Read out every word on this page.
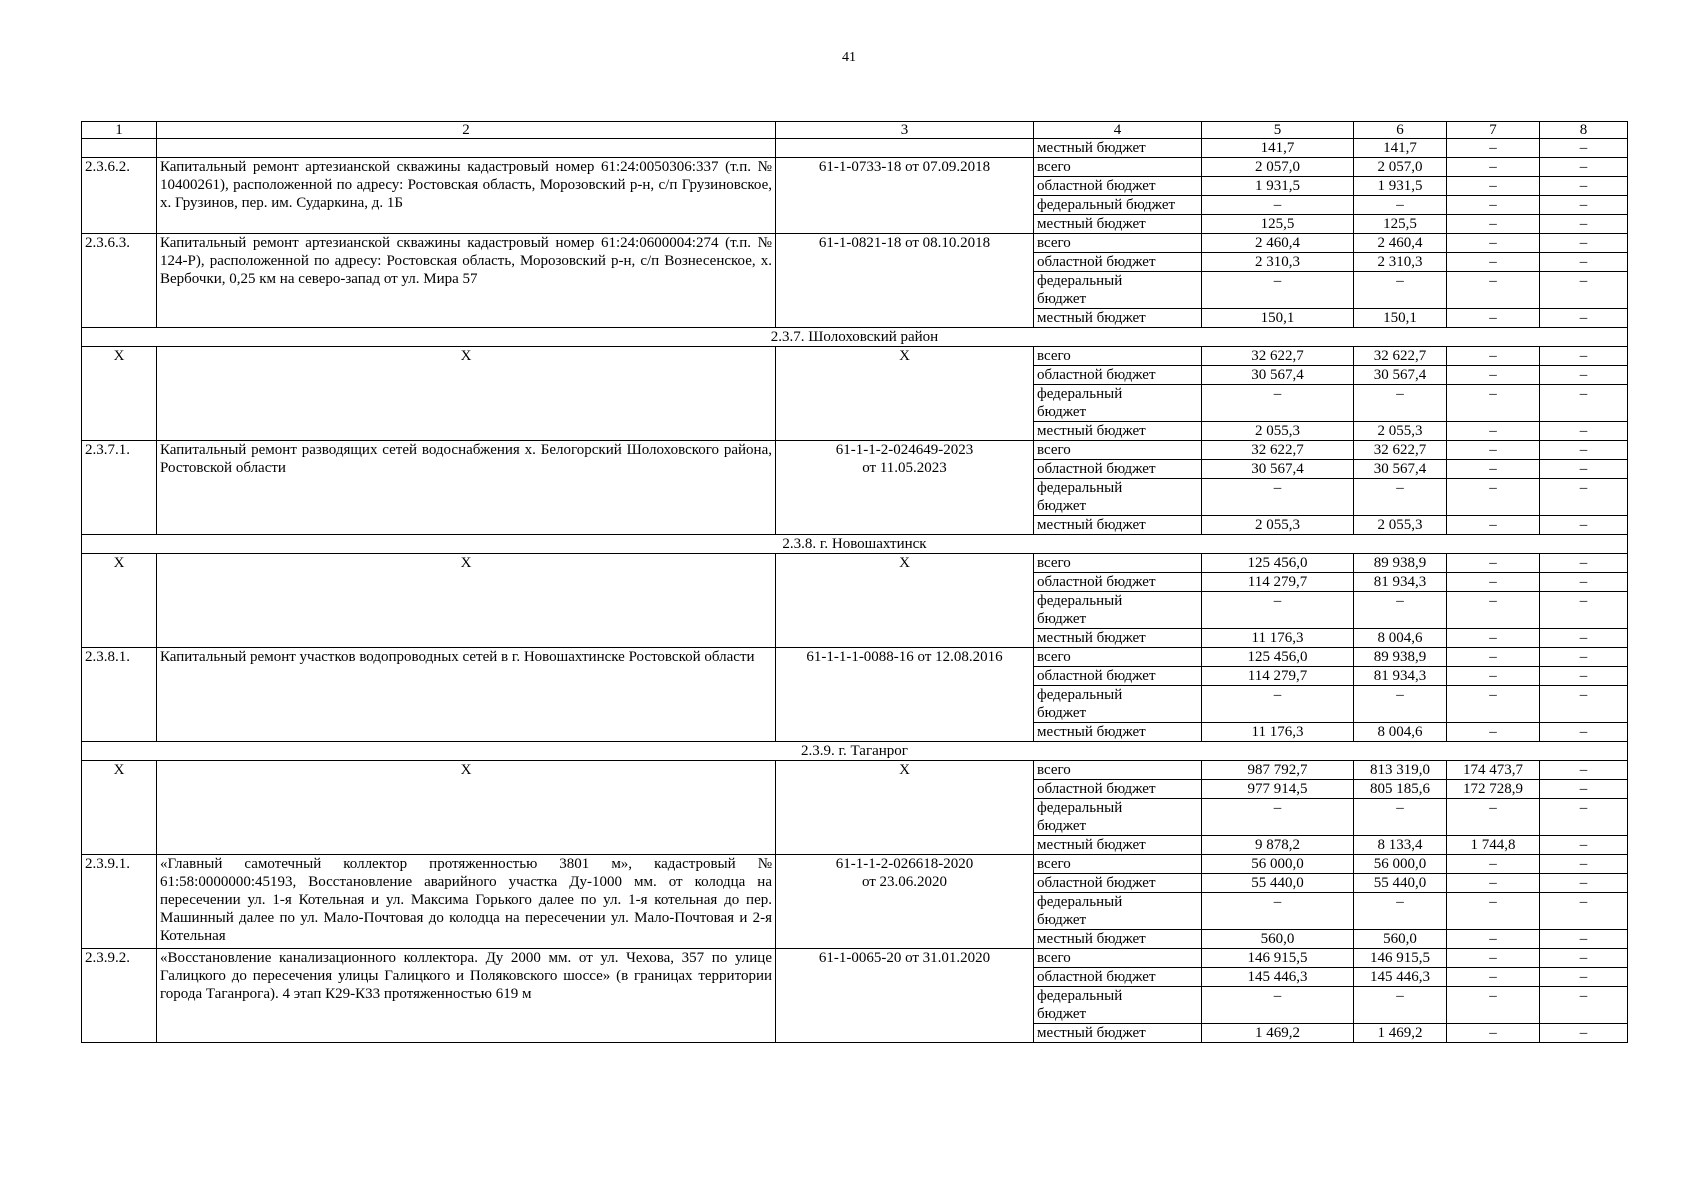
41
1	2	3	4	5	6	7	8
			местный бюджет	141,7	141,7	–	–
2.3.6.2.	Капитальный ремонт артезианской скважины кадастровый номер 61:24:0050306:337 (т.п. № 10400261), расположенной по адресу: Ростовская область, Морозовский р-н, с/п Грузиновское, х. Грузинов, пер. им. Сударкина, д. 1Б	61-1-0733-18 от 07.09.2018	всего	2 057,0	2 057,0	–	–
			областной бюджет	1 931,5	1 931,5	–	–
			федеральный бюджет	–	–	–	–
			местный бюджет	125,5	125,5	–	–
2.3.6.3.	Капитальный ремонт артезианской скважины кадастровый номер 61:24:0600004:274 (т.п. № 124-Р), расположенной по адресу: Ростовская область, Морозовский р-н, с/п Вознесенское, х. Вербочки, 0,25 км на северо-запад от ул. Мира 57	61-1-0821-18 от 08.10.2018	всего	2 460,4	2 460,4	–	–
			областной бюджет	2 310,3	2 310,3	–	–
			федеральный
бюджет	–	–	–	–
			местный бюджет	150,1	150,1	–	–
2.3.7. Шолоховский район							
Х	Х	Х	всего	32 622,7	32 622,7	–	–
			областной бюджет	30 567,4	30 567,4	–	–
			федеральный
бюджет	–	–	–	–
			местный бюджет	2 055,3	2 055,3	–	–
2.3.7.1.	Капитальный ремонт разводящих сетей водоснабжения х. Белогорский Шолоховского района, Ростовской области	61-1-1-2-024649-2023
от 11.05.2023	всего	32 622,7	32 622,7	–	–
			областной бюджет	30 567,4	30 567,4	–	–
			федеральный
бюджет	–	–	–	–
			местный бюджет	2 055,3	2 055,3	–	–
2.3.8. г. Новошахтинск							
Х	Х	Х	всего	125 456,0	89 938,9	–	–
			областной бюджет	114 279,7	81 934,3	–	–
			федеральный
бюджет	–	–	–	–
			местный бюджет	11 176,3	8 004,6	–	–
2.3.8.1.	Капитальный ремонт участков водопроводных сетей в г. Новошахтинске Ростовской области	61-1-1-1-0088-16 от 12.08.2016	всего	125 456,0	89 938,9	–	–
			областной бюджет	114 279,7	81 934,3	–	–
			федеральный
бюджет	–	–	–	–
			местный бюджет	11 176,3	8 004,6	–	–
2.3.9. г. Таганрог							
Х	Х	Х	всего	987 792,7	813 319,0	174 473,7	–
			областной бюджет	977 914,5	805 185,6	172 728,9	–
			федеральный
бюджет	–	–	–	–
			местный бюджет	9 878,2	8 133,4	1 744,8	–
2.3.9.1.	«Главный самотечный коллектор протяженностью 3801 м», кадастровый № 61:58:0000000:45193, Восстановление аварийного участка Ду-1000 мм. от колодца на пересечении ул. 1-я Котельная и ул. Максима Горького далее по ул. 1-я котельная до пер. Машинный далее по ул. Мало-Почтовая до колодца на пересечении ул. Мало-Почтовая и 2-я Котельная	61-1-1-2-026618-2020
от 23.06.2020	всего	56 000,0	56 000,0	–	–
			областной бюджет	55 440,0	55 440,0	–	–
			федеральный
бюджет	–	–	–	–
			местный бюджет	560,0	560,0	–	–
2.3.9.2.	«Восстановление канализационного коллектора. Ду 2000 мм. от ул. Чехова, 357 по улице Галицкого до пересечения улицы Галицкого и Поляковского шоссе» (в границах территории города Таганрога). 4 этап К29-К33 протяженностью 619 м	61-1-0065-20 от 31.01.2020	всего	146 915,5	146 915,5	–	–
			областной бюджет	145 446,3	145 446,3	–	–
			федеральный
бюджет	–	–	–	–
			местный бюджет	1 469,2	1 469,2	–	–
